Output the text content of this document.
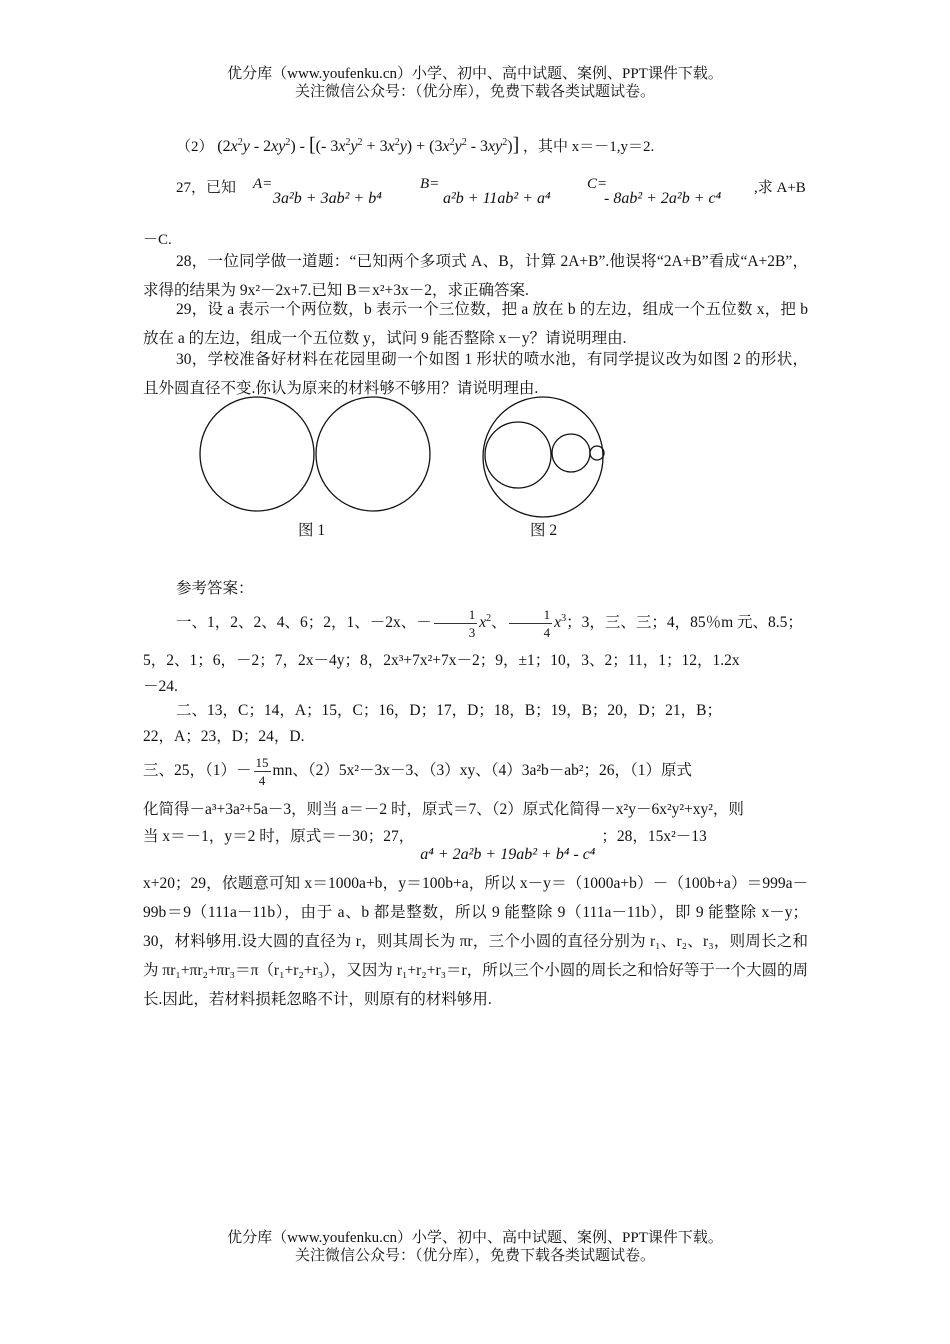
优分库（www.youfenku.cn）小学、初中、高中试题、案例、PPT课件下载。
关注微信公众号：（优分库），免费下载各类试题试卷。
（2） $(2x^2y - 2xy^2)$ - [(- $3x^2y^2 + 3x^2y) + (3x^2y^2 - 3xy^2)$] ，其中 x＝－1,y＝2.
27，已知 A=
3a²b + 3ab² + b⁴
B=
a²b + 11ab² + a⁴
C=
- 8ab² + 2a²b + c⁴
,求 A+B
－C.
28，一位同学做一道题：“已知两个多项式 A、B，计算 2A+B”.他误将“2A+B”看成“A+2B”，求得的结果为 9x²－2x+7.已知 B＝x²+3x－2，求正确答案.
29，设 a 表示一个两位数，b 表示一个三位数，把 a 放在 b 的左边，组成一个五位数 x，把 b 放在 a 的左边，组成一个五位数 y，试问 9 能否整除 x－y？请说明理由.
30，学校准备好材料在花园里砌一个如图 1 形状的喷水池，有同学提议改为如图 2 的形状，且外圆直径不变.你认为原来的材料够不够用？请说明理由.
图 1	图 2
参考答案：
一、1，2、2、4、6；2，1、－2x、－ $\frac{1}{3} x^2$、 $\frac{1}{4} x^3$；3，三、三；4，85％m 元、8.5；
5，2、1；6，－2；7，2x－4y；8，2x³+7x²+7x－2；9，±1；10，3、2；11，1；12，1.2x
－24.
二、13，C；14，A；15，C；16，D；17，D；18，B；19，B；20，D；21，B；
22，A；23，D；24，D.
三、25，$(1)- \frac{15}{4}$ mn、（2）5x²－3x－3、（3）xy、（4）3a²b－ab²；26，（1）原式
化简得－a³+3a²+5a－3，则当 a＝－2 时，原式＝7、（2）原式化简得－x²y－6x²y²+xy²，则
当 x＝－1，y＝2 时，原式＝－30；27，a⁴ + 2a²b + 19ab² + b⁴ - c⁴；28，15x²－13
x+20；29，依题意可知 x＝1000a+b，y＝100b+a，所以 x－y＝（1000a+b）－（100b+a）＝999a－99b＝9（111a－11b），由于 a、b 都是整数，所以 9 能整除 9（111a－11b），即 9 能整除 x－y；30，材料够用.设大圆的直径为 r，则其周长为 πr，三个小圆的直径分别为 r₁、r₂、r₃，则周长之和为 πr₁+πr₂+πr₃＝π（r₁+r₂+r₃），又因为 r₁+r₂+r₃＝r，所以三个小圆的周长之和恰好等于一个大圆的周长.因此，若材料损耗忽略不计，则原有的材料够用.
优分库（www.youfenku.cn）小学、初中、高中试题、案例、PPT课件下载。
关注微信公众号：（优分库），免费下载各类试题试卷。
